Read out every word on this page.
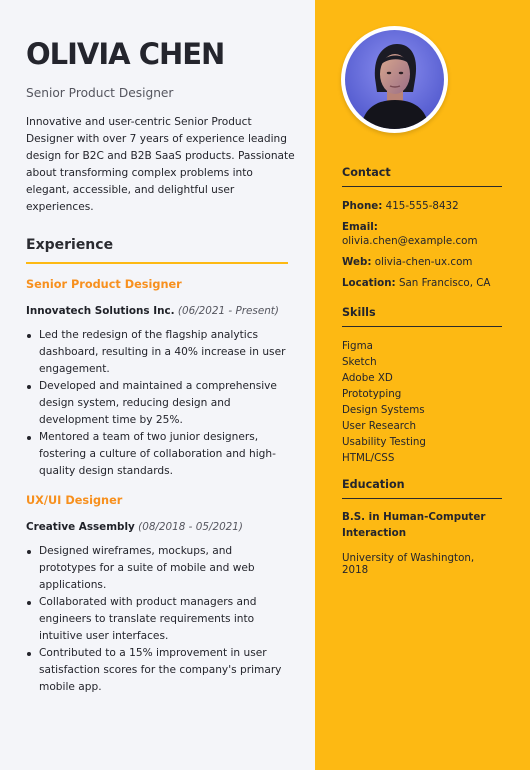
OLIVIA CHEN
Senior Product Designer
Innovative and user-centric Senior Product Designer with over 7 years of experience leading design for B2C and B2B SaaS products. Passionate about transforming complex problems into elegant, accessible, and delightful user experiences.
Experience
Senior Product Designer
Innovatech Solutions Inc. (06/2021 - Present)
Led the redesign of the flagship analytics dashboard, resulting in a 40% increase in user engagement.
Developed and maintained a comprehensive design system, reducing design and development time by 25%.
Mentored a team of two junior designers, fostering a culture of collaboration and high-quality design standards.
UX/UI Designer
Creative Assembly (08/2018 - 05/2021)
Designed wireframes, mockups, and prototypes for a suite of mobile and web applications.
Collaborated with product managers and engineers to translate requirements into intuitive user interfaces.
Contributed to a 15% improvement in user satisfaction scores for the company's primary mobile app.
Contact
Phone: 415-555-8432
Email:
olivia.chen@example.com
Web: olivia-chen-ux.com
Location: San Francisco, CA
Skills
Figma
Sketch
Adobe XD
Prototyping
Design Systems
User Research
Usability Testing
HTML/CSS
Education
B.S. in Human-Computer Interaction
University of Washington, 2018
